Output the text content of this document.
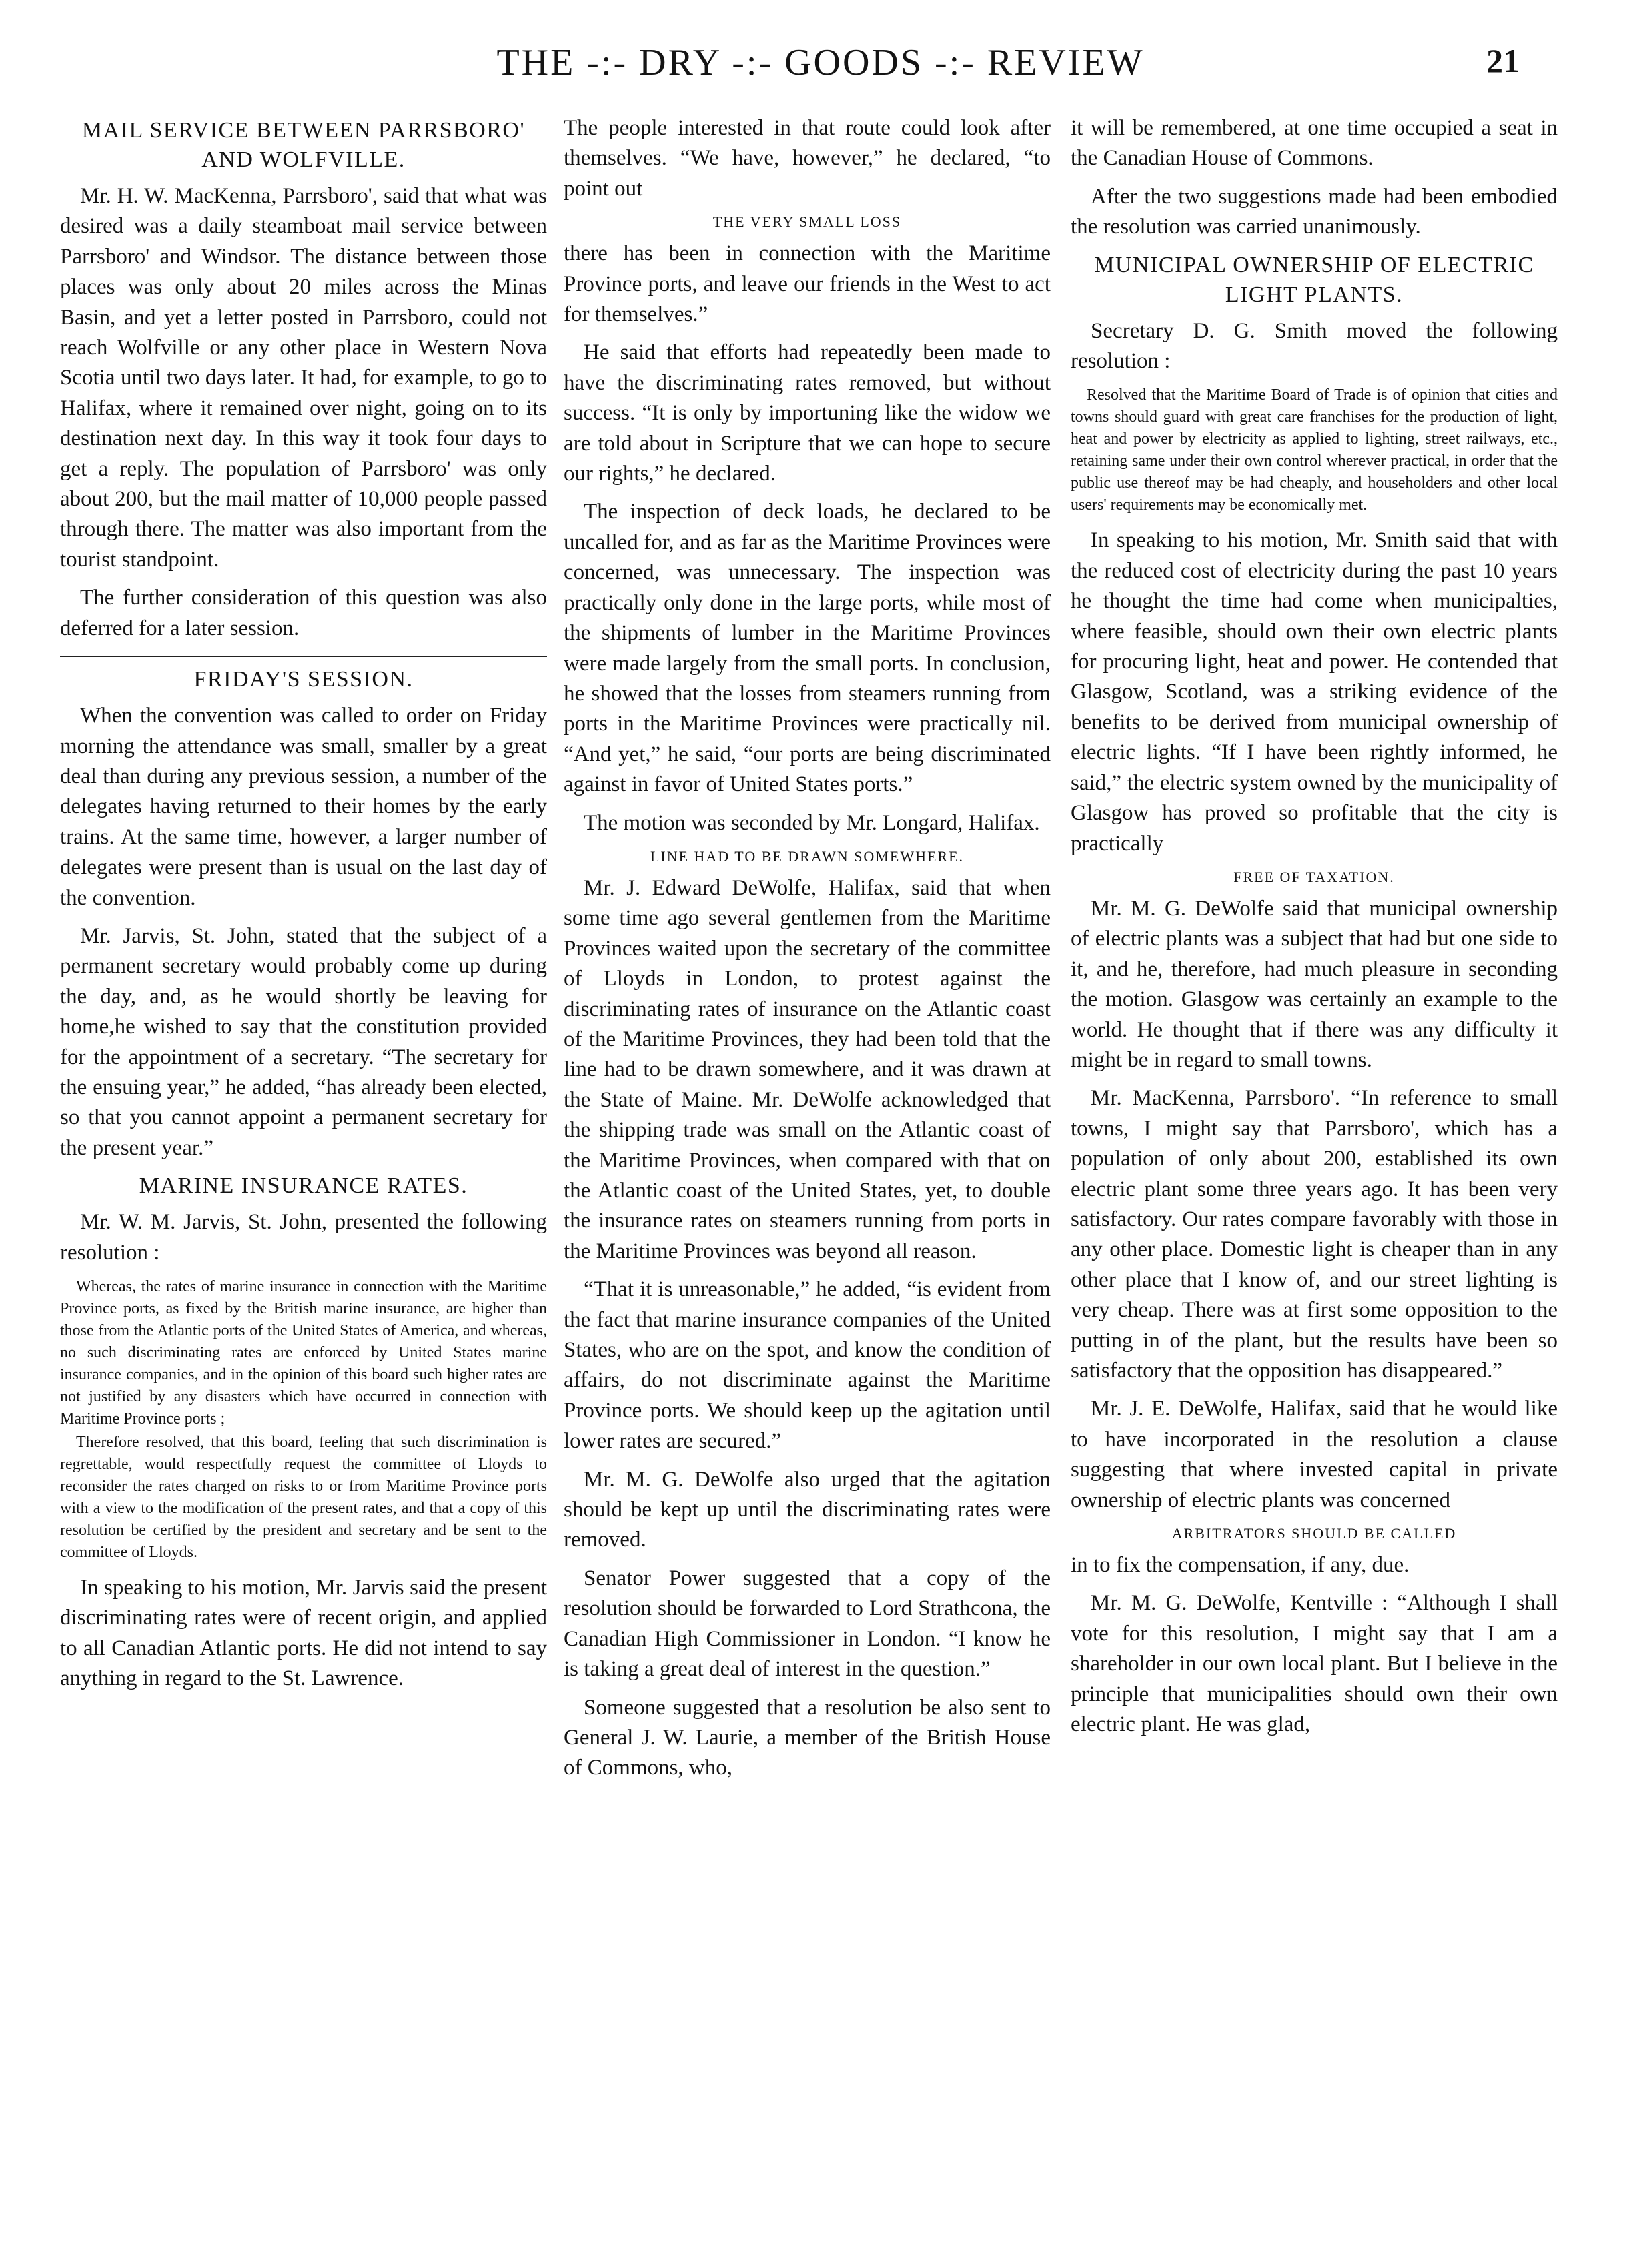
THE -:- DRY -:- GOODS -:- REVIEW	21
MAIL SERVICE BETWEEN PARRSBORO' AND WOLFVILLE.

Mr. H. W. MacKenna, Parrsboro', said that what was desired was a daily steamboat mail service between Parrsboro' and Windsor. The distance between those places was only about 20 miles across the Minas Basin, and yet a letter posted in Parrsboro, could not reach Wolfville or any other place in Western Nova Scotia until two days later. It had, for example, to go to Halifax, where it remained over night, going on to its destination next day. In this way it took four days to get a reply. The population of Parrsboro' was only about 200, but the mail matter of 10,000 people passed through there. The matter was also important from the tourist standpoint.

The further consideration of this question was also deferred for a later session.

FRIDAY'S SESSION.

When the convention was called to order on Friday morning the attendance was small, smaller by a great deal than during any previous session, a number of the delegates having returned to their homes by the early trains. At the same time, however, a larger number of delegates were present than is usual on the last day of the convention.

Mr. Jarvis, St. John, stated that the subject of a permanent secretary would probably come up during the day, and, as he would shortly be leaving for home,he wished to say that the constitution provided for the appointment of a secretary. “The secretary for the ensuing year,” he added, “has already been elected, so that you cannot appoint a permanent secretary for the present year.”

MARINE INSURANCE RATES.

Mr. W. M. Jarvis, St. John, presented the following resolution :

Whereas, the rates of marine insurance in connection with the Maritime Province ports, as fixed by the British marine insurance, are higher than those from the Atlantic ports of the United States of America, and whereas, no such discriminating rates are enforced by United States marine insurance companies, and in the opinion of this board such higher rates are not justified by any disasters which have occurred in connection with Maritime Province ports ;

Therefore resolved, that this board, feeling that such discrimination is regrettable, would respectfully request the committee of Lloyds to reconsider the rates charged on risks to or from Maritime Province ports with a view to the modification of the present rates, and that a copy of this resolution be certified by the president and secretary and be sent to the committee of Lloyds.

In speaking to his motion, Mr. Jarvis said the present discriminating rates were of recent origin, and applied to all Canadian Atlantic ports. He did not intend to say anything in regard to the St. Lawrence.

The people interested in that route could look after themselves. “We have, however,” he declared, “to point out

THE VERY SMALL LOSS

there has been in connection with the Maritime Province ports, and leave our friends in the West to act for themselves.”

He said that efforts had repeatedly been made to have the discriminating rates removed, but without success. “It is only by importuning like the widow we are told about in Scripture that we can hope to secure our rights,” he declared.

The inspection of deck loads, he declared to be uncalled for, and as far as the Maritime Provinces were concerned, was unnecessary. The inspection was practically only done in the large ports, while most of the shipments of lumber in the Maritime Provinces were made largely from the small ports. In conclusion, he showed that the losses from steamers running from ports in the Maritime Provinces were practically nil. “And yet,” he said, “our ports are being discriminated against in favor of United States ports.”

The motion was seconded by Mr. Longard, Halifax.

LINE HAD TO BE DRAWN SOMEWHERE.

Mr. J. Edward DeWolfe, Halifax, said that when some time ago several gentlemen from the Maritime Provinces waited upon the secretary of the committee of Lloyds in London, to protest against the discriminating rates of insurance on the Atlantic coast of the Maritime Provinces, they had been told that the line had to be drawn somewhere, and it was drawn at the State of Maine. Mr. DeWolfe acknowledged that the shipping trade was small on the Atlantic coast of the Maritime Provinces, when compared with that on the Atlantic coast of the United States, yet, to double the insurance rates on steamers running from ports in the Maritime Provinces was beyond all reason.

“That it is unreasonable,” he added, “is evident from the fact that marine insurance companies of the United States, who are on the spot, and know the condition of affairs, do not discriminate against the Maritime Province ports. We should keep up the agitation until lower rates are secured.”

Mr. M. G. DeWolfe also urged that the agitation should be kept up until the discriminating rates were removed.

Senator Power suggested that a copy of the resolution should be forwarded to Lord Strathcona, the Canadian High Commissioner in London. “I know he is taking a great deal of interest in the question.”

Someone suggested that a resolution be also sent to General J. W. Laurie, a member of the British House of Commons, who,

it will be remembered, at one time occupied a seat in the Canadian House of Commons.

After the two suggestions made had been embodied the resolution was carried unanimously.

MUNICIPAL OWNERSHIP OF ELECTRIC LIGHT PLANTS.

Secretary D. G. Smith moved the following resolution :

Resolved that the Maritime Board of Trade is of opinion that cities and towns should guard with great care franchises for the production of light, heat and power by electricity as applied to lighting, street railways, etc., retaining same under their own control wherever practical, in order that the public use thereof may be had cheaply, and householders and other local users' requirements may be economically met.

In speaking to his motion, Mr. Smith said that with the reduced cost of electricity during the past 10 years he thought the time had come when municipalties, where feasible, should own their own electric plants for procuring light, heat and power. He contended that Glasgow, Scotland, was a striking evidence of the benefits to be derived from municipal ownership of electric lights. “If I have been rightly informed, he said,” the electric system owned by the municipality of Glasgow has proved so profitable that the city is practically

FREE OF TAXATION.

Mr. M. G. DeWolfe said that municipal ownership of electric plants was a subject that had but one side to it, and he, therefore, had much pleasure in seconding the motion. Glasgow was certainly an example to the world. He thought that if there was any difficulty it might be in regard to small towns.

Mr. MacKenna, Parrsboro'. “In reference to small towns, I might say that Parrsboro', which has a population of only about 200, established its own electric plant some three years ago. It has been very satisfactory. Our rates compare favorably with those in any other place. Domestic light is cheaper than in any other place that I know of, and our street lighting is very cheap. There was at first some opposition to the putting in of the plant, but the results have been so satisfactory that the opposition has disappeared.”

Mr. J. E. DeWolfe, Halifax, said that he would like to have incorporated in the resolution a clause suggesting that where invested capital in private ownership of electric plants was concerned

ARBITRATORS SHOULD BE CALLED

in to fix the compensation, if any, due.

Mr. M. G. DeWolfe, Kentville : “Although I shall vote for this resolution, I might say that I am a shareholder in our own local plant. But I believe in the principle that municipalities should own their own electric plant. He was glad,
